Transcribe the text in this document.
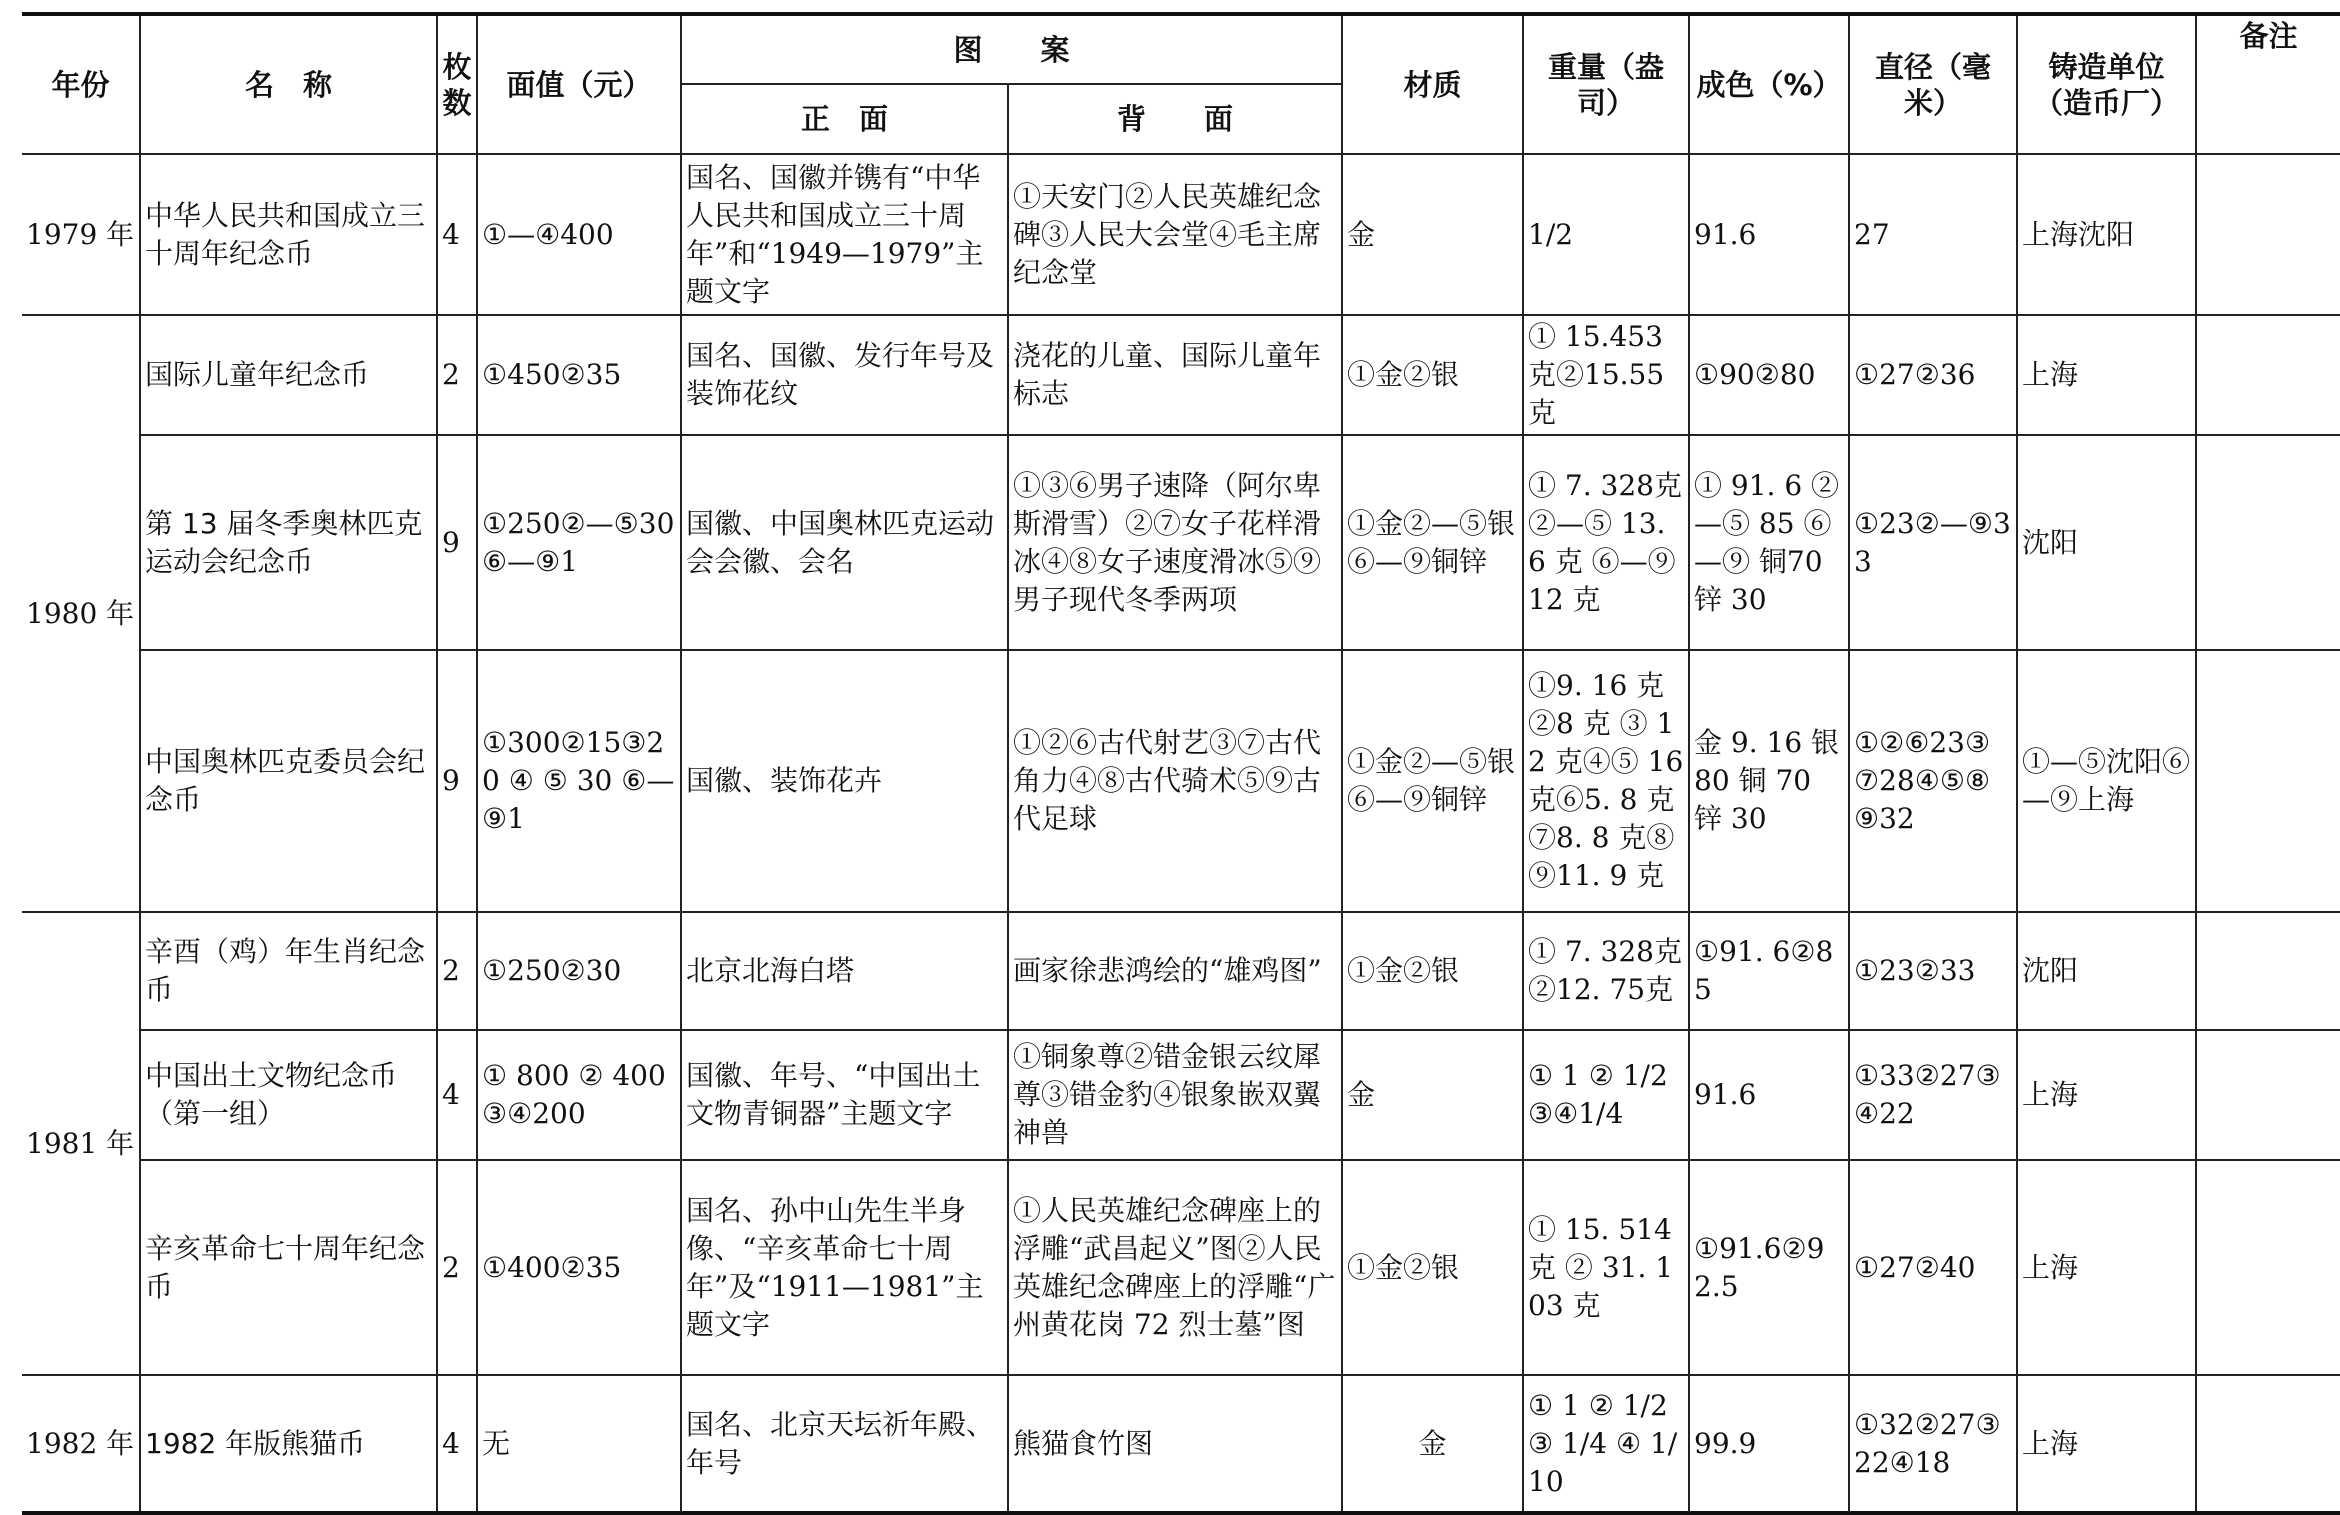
年份	名　称	枚数	面值（元）	图　　案		材质	重量（盎司）	成色（%）	直径（毫米）	铸造单位（造币厂）	备注
				正　面	背　　面						
1979 年	中华人民共和国成立三十周年纪念币	4	①—④400	国名、国徽并镌有“中华人民共和国成立三十周年”和“1949—1979”主题文字	①天安门②人民英雄纪念碑③人民大会堂④毛主席纪念堂	金	1/2	91.6	27	上海沈阳	
1980 年	国际儿童年纪念币	2	①450②35	国名、国徽、发行年号及装饰花纹	浇花的儿童、国际儿童年标志	①金②银	① 15.453克②15.55克	①90②80	①27②36	上海	
	第 13 届冬季奥林匹克运动会纪念币	9	①250②—⑤30⑥—⑨1	国徽、中国奥林匹克运动会会徽、会名	①③⑥男子速降（阿尔卑斯滑雪）②⑦女子花样滑冰④⑧女子速度滑冰⑤⑨男子现代冬季两项	①金②—⑤银⑥—⑨铜锌	① 7. 328克 ②—⑤ 13. 6 克 ⑥—⑨ 12 克	① 91. 6 ②—⑤ 85 ⑥—⑨ 铜70 锌 30	①23②—⑨33	沈阳	
	中国奥林匹克委员会纪念币	9	①300②15③20 ④ ⑤ 30 ⑥—⑨1	国徽、装饰花卉	①②⑥古代射艺③⑦古代角力④⑧古代骑术⑤⑨古代足球	①金②—⑤银⑥—⑨铜锌	①9. 16 克 ②8 克 ③ 12 克④⑤ 16 克⑥5. 8 克⑦8. 8 克⑧⑨11. 9 克	金 9. 16 银 80 铜 70 锌 30	①②⑥23③⑦28④⑤⑧⑨32	①—⑤沈阳⑥—⑨上海	
1981 年	辛酉（鸡）年生肖纪念币	2	①250②30	北京北海白塔	画家徐悲鸿绘的“雄鸡图”	①金②银	① 7. 328克②12. 75克	①91. 6②85	①23②33	沈阳	
	中国出土文物纪念币（第一组）	4	① 800 ② 400③④200	国徽、年号、“中国出土文物青铜器”主题文字	①铜象尊②错金银云纹犀尊③错金豹④银象嵌双翼神兽	金	① 1 ② 1/2 ③④1/4	91.6	①33②27③④22	上海	
	辛亥革命七十周年纪念币	2	①400②35	国名、孙中山先生半身像、“辛亥革命七十周年”及“1911—1981”主题文字	①人民英雄纪念碑座上的浮雕“武昌起义”图②人民英雄纪念碑座上的浮雕“广州黄花岗 72 烈士墓”图	①金②银	① 15. 514 克 ② 31. 103 克	①91.6②92.5	①27②40	上海	
1982 年	1982 年版熊猫币	4	无	国名、北京天坛祈年殿、年号	熊猫食竹图	金	① 1 ② 1/2 ③ 1/4 ④ 1/10	99.9	①32②27③22④18	上海	
